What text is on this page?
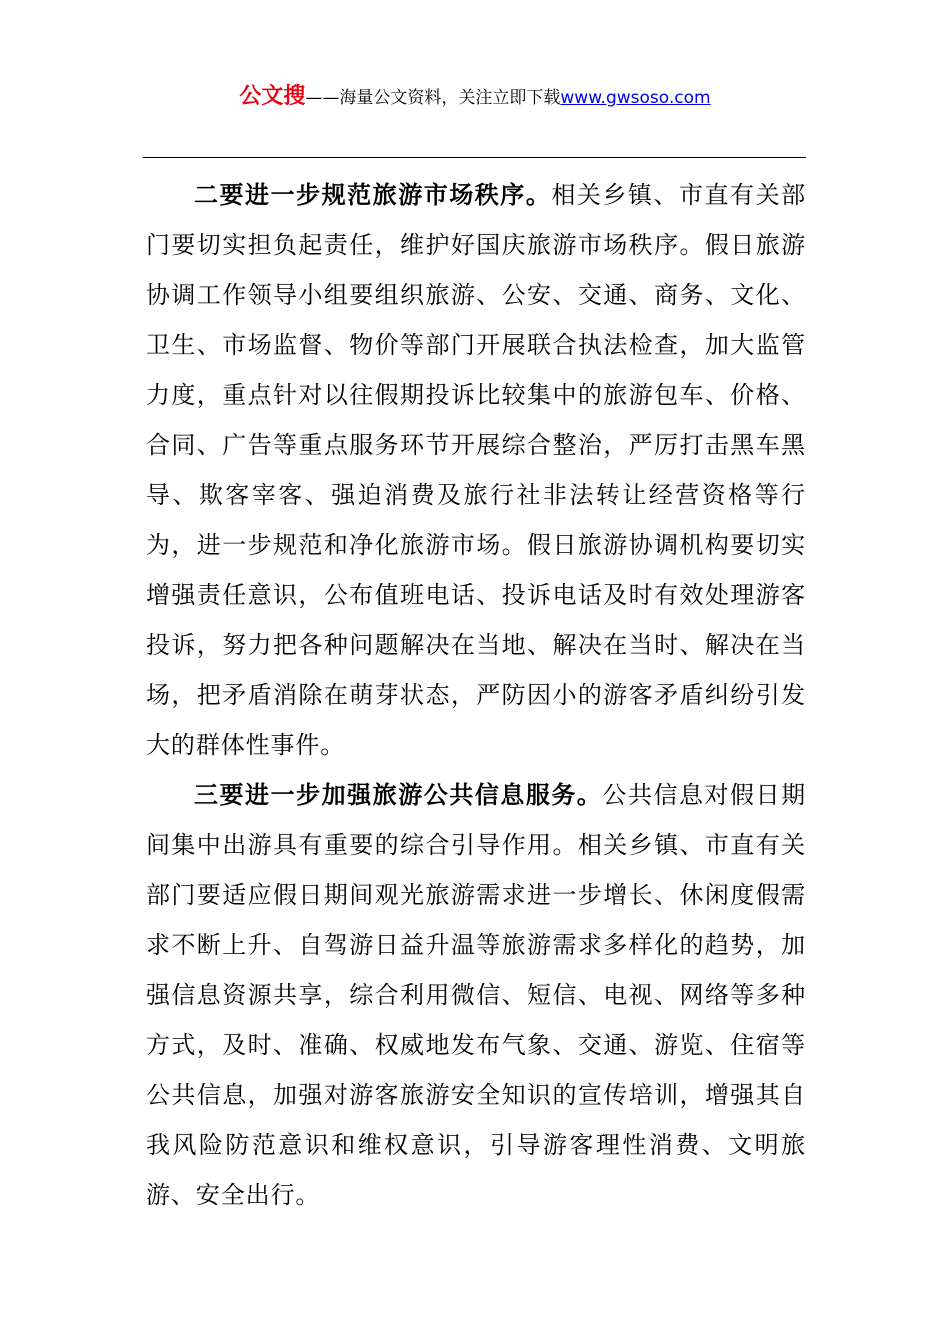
公文搜——海量公文资料，关注立即下载www.gwsoso.com

二要进一步规范旅游市场秩序。相关乡镇、市直有关部门要切实担负起责任，维护好国庆旅游市场秩序。假日旅游协调工作领导小组要组织旅游、公安、交通、商务、文化、卫生、市场监督、物价等部门开展联合执法检查，加大监管力度，重点针对以往假期投诉比较集中的旅游包车、价格、合同、广告等重点服务环节开展综合整治，严厉打击黑车黑导、欺客宰客、强迫消费及旅行社非法转让经营资格等行为，进一步规范和净化旅游市场。假日旅游协调机构要切实增强责任意识，公布值班电话、投诉电话及时有效处理游客投诉，努力把各种问题解决在当地、解决在当时、解决在当场，把矛盾消除在萌芽状态，严防因小的游客矛盾纠纷引发大的群体性事件。

三要进一步加强旅游公共信息服务。公共信息对假日期间集中出游具有重要的综合引导作用。相关乡镇、市直有关部门要适应假日期间观光旅游需求进一步增长、休闲度假需求不断上升、自驾游日益升温等旅游需求多样化的趋势，加强信息资源共享，综合利用微信、短信、电视、网络等多种方式，及时、准确、权威地发布气象、交通、游览、住宿等公共信息，加强对游客旅游安全知识的宣传培训，增强其自我风险防范意识和维权意识，引导游客理性消费、文明旅游、安全出行。
